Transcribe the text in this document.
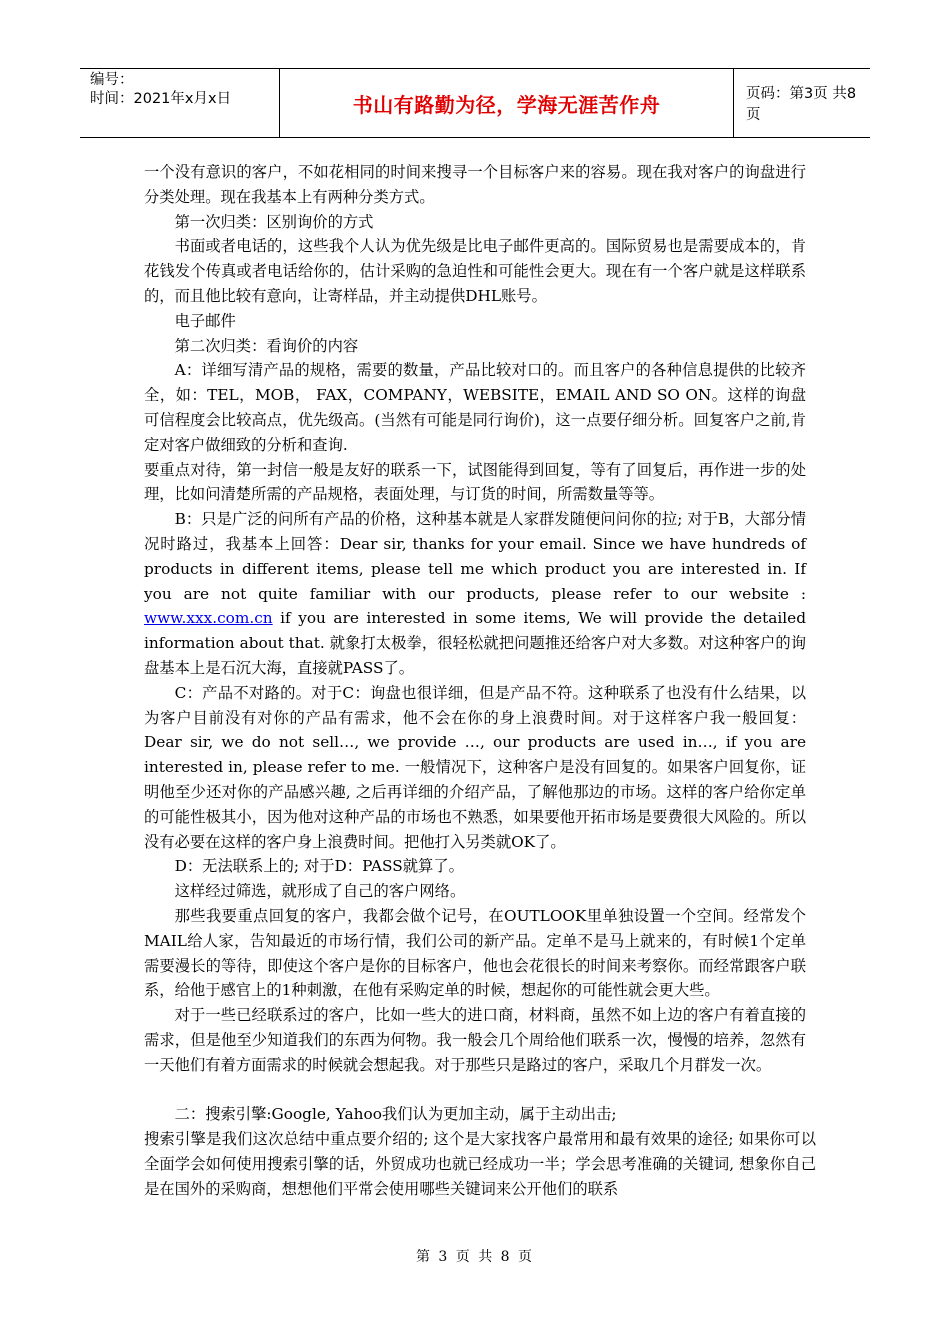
编号：
时间：2021年x月x日	书山有路勤为径，学海无涯苦作舟	页码：第3页 共8页

一个没有意识的客户，不如花相同的时间来搜寻一个目标客户来的容易。现在我对客户的询盘进行分类处理。现在我基本上有两种分类方式。

第一次归类：区别询价的方式

书面或者电话的，这些我个人认为优先级是比电子邮件更高的。国际贸易也是需要成本的，肯花钱发个传真或者电话给你的，估计采购的急迫性和可能性会更大。现在有一个客户就是这样联系的，而且他比较有意向，让寄样品，并主动提供DHL账号。

电子邮件

第二次归类：看询价的内容

A：详细写清产品的规格，需要的数量，产品比较对口的。而且客户的各种信息提供的比较齐全，如：TEL，MOB， FAX，COMPANY，WEBSITE，EMAIL AND SO ON。这样的询盘可信程度会比较高点，优先级高。(当然有可能是同行询价)，这一点要仔细分析。回复客户之前,肯定对客户做细致的分析和查询.

要重点对待，第一封信一般是友好的联系一下，试图能得到回复，等有了回复后，再作进一步的处理，比如问清楚所需的产品规格，表面处理，与订货的时间，所需数量等等。

B：只是广泛的问所有产品的价格，这种基本就是人家群发随便问问你的拉; 对于B，大部分情况时路过，我基本上回答：Dear sir, thanks for your email. Since we have hundreds of products in different items, please tell me which product you are interested in. If you are not quite familiar with our products, please refer to our website : www.xxx.com.cn if you are interested in some items, We will provide the detailed information about that. 就象打太极拳，很轻松就把问题推还给客户对大多数。对这种客户的询盘基本上是石沉大海，直接就PASS了。

C：产品不对路的。对于C：询盘也很详细，但是产品不符。这种联系了也没有什么结果，以为客户目前没有对你的产品有需求，他不会在你的身上浪费时间。对于这样客户我一般回复：Dear sir, we do not sell…, we provide …, our products are used in…, if you are interested in, please refer to me. 一般情况下，这种客户是没有回复的。如果客户回复你，证明他至少还对你的产品感兴趣, 之后再详细的介绍产品，了解他那边的市场。这样的客户给你定单的可能性极其小，因为他对这种产品的市场也不熟悉，如果要他开拓市场是要费很大风险的。所以没有必要在这样的客户身上浪费时间。把他打入另类就OK了。

D：无法联系上的; 对于D：PASS就算了。

这样经过筛选，就形成了自己的客户网络。

那些我要重点回复的客户，我都会做个记号，在OUTLOOK里单独设置一个空间。经常发个MAIL给人家，告知最近的市场行情，我们公司的新产品。定单不是马上就来的，有时候1个定单需要漫长的等待，即使这个客户是你的目标客户，他也会花很长的时间来考察你。而经常跟客户联系，给他于感官上的1种刺激，在他有采购定单的时候，想起你的可能性就会更大些。

对于一些已经联系过的客户，比如一些大的进口商，材料商，虽然不如上边的客户有着直接的需求，但是他至少知道我们的东西为何物。我一般会几个周给他们联系一次，慢慢的培养，忽然有一天他们有着方面需求的时候就会想起我。对于那些只是路过的客户，采取几个月群发一次。

二：搜索引擎:Google, Yahoo我们认为更加主动，属于主动出击;

搜索引擎是我们这次总结中重点要介绍的; 这个是大家找客户最常用和最有效果的途径; 如果你可以全面学会如何使用搜索引擎的话，外贸成功也就已经成功一半；学会思考准确的关键词, 想象你自己是在国外的采购商，想想他们平常会使用哪些关键词来公开他们的联系

第 3 页 共 8 页
